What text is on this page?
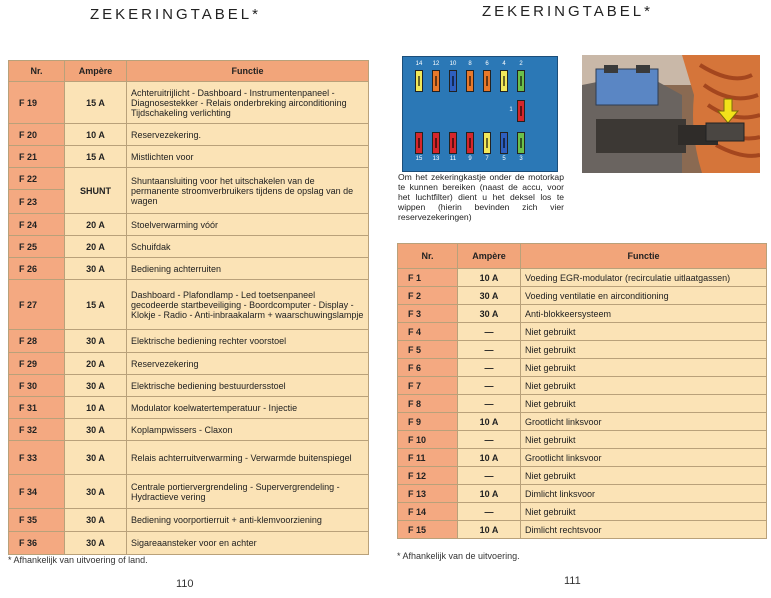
ZEKERINGTABEL*
Nr.	Ampère	Functie
F 19	15 A	Achteruitrijlicht - Dashboard - Instrumentenpaneel - Diagnosestekker - Relais onderbreking airconditioning Tijdschakeling verlichting
F 20	10 A	Reservezekering.
F 21	15 A	Mistlichten voor
F 22	SHUNT	Shuntaansluiting voor het uitschakelen van de permanente stroomverbruikers tijdens de opslag van de wagen
F 23		
F 24	20 A	Stoelverwarming vóór
F 25	20 A	Schuifdak
F 26	30 A	Bediening achterruiten
F 27	15 A	Dashboard - Plafondlamp - Led toetsenpaneel gecodeerde startbeveiliging - Boordcomputer - Display - Klokje - Radio - Anti-inbraakalarm + waarschuwingslampje
F 28	30 A	Elektrische bediening rechter voorstoel
F 29	20 A	Reservezekering
F 30	30 A	Elektrische bediening bestuurdersstoel
F 31	10 A	Modulator koelwatertemperatuur - Injectie
F 32	30 A	Koplampwissers - Claxon
F 33	30 A	Relais achterruitverwarming - Verwarmde buitenspiegel
F 34	30 A	Centrale portiervergrendeling - Supervergrendeling - Hydractieve vering
F 35	30 A	Bediening voorportierruit + anti-klemvoorziening
F 36	30 A	Sigareaansteker voor en achter
* Afhankelijk van uitvoering of land.
110
ZEKERINGTABEL*
14	12	10	8	6	4	2
15	13	11	9	7	5	3
1
Om het zekeringkastje onder de motorkap te kunnen bereiken (naast de accu, voor het luchtfilter) dient u het deksel los te wippen (hierin bevinden zich vier reservezekeringen)
Nr.	Ampère	Functie
F 1	10 A	Voeding EGR-modulator (recirculatie uitlaatgassen)
F 2	30 A	Voeding ventilatie en airconditioning
F 3	30 A	Anti-blokkeersysteem
F 4	—	Niet gebruikt
F 5	—	Niet gebruikt
F 6	—	Niet gebruikt
F 7	—	Niet gebruikt
F 8	—	Niet gebruikt
F 9	10 A	Grootlicht linksvoor
F 10	—	Niet gebruikt
F 11	10 A	Grootlicht linksvoor
F 12	—	Niet gebruikt
F 13	10 A	Dimlicht linksvoor
F 14	—	Niet gebruikt
F 15	10 A	Dimlicht rechtsvoor
* Afhankelijk van de uitvoering.
111
